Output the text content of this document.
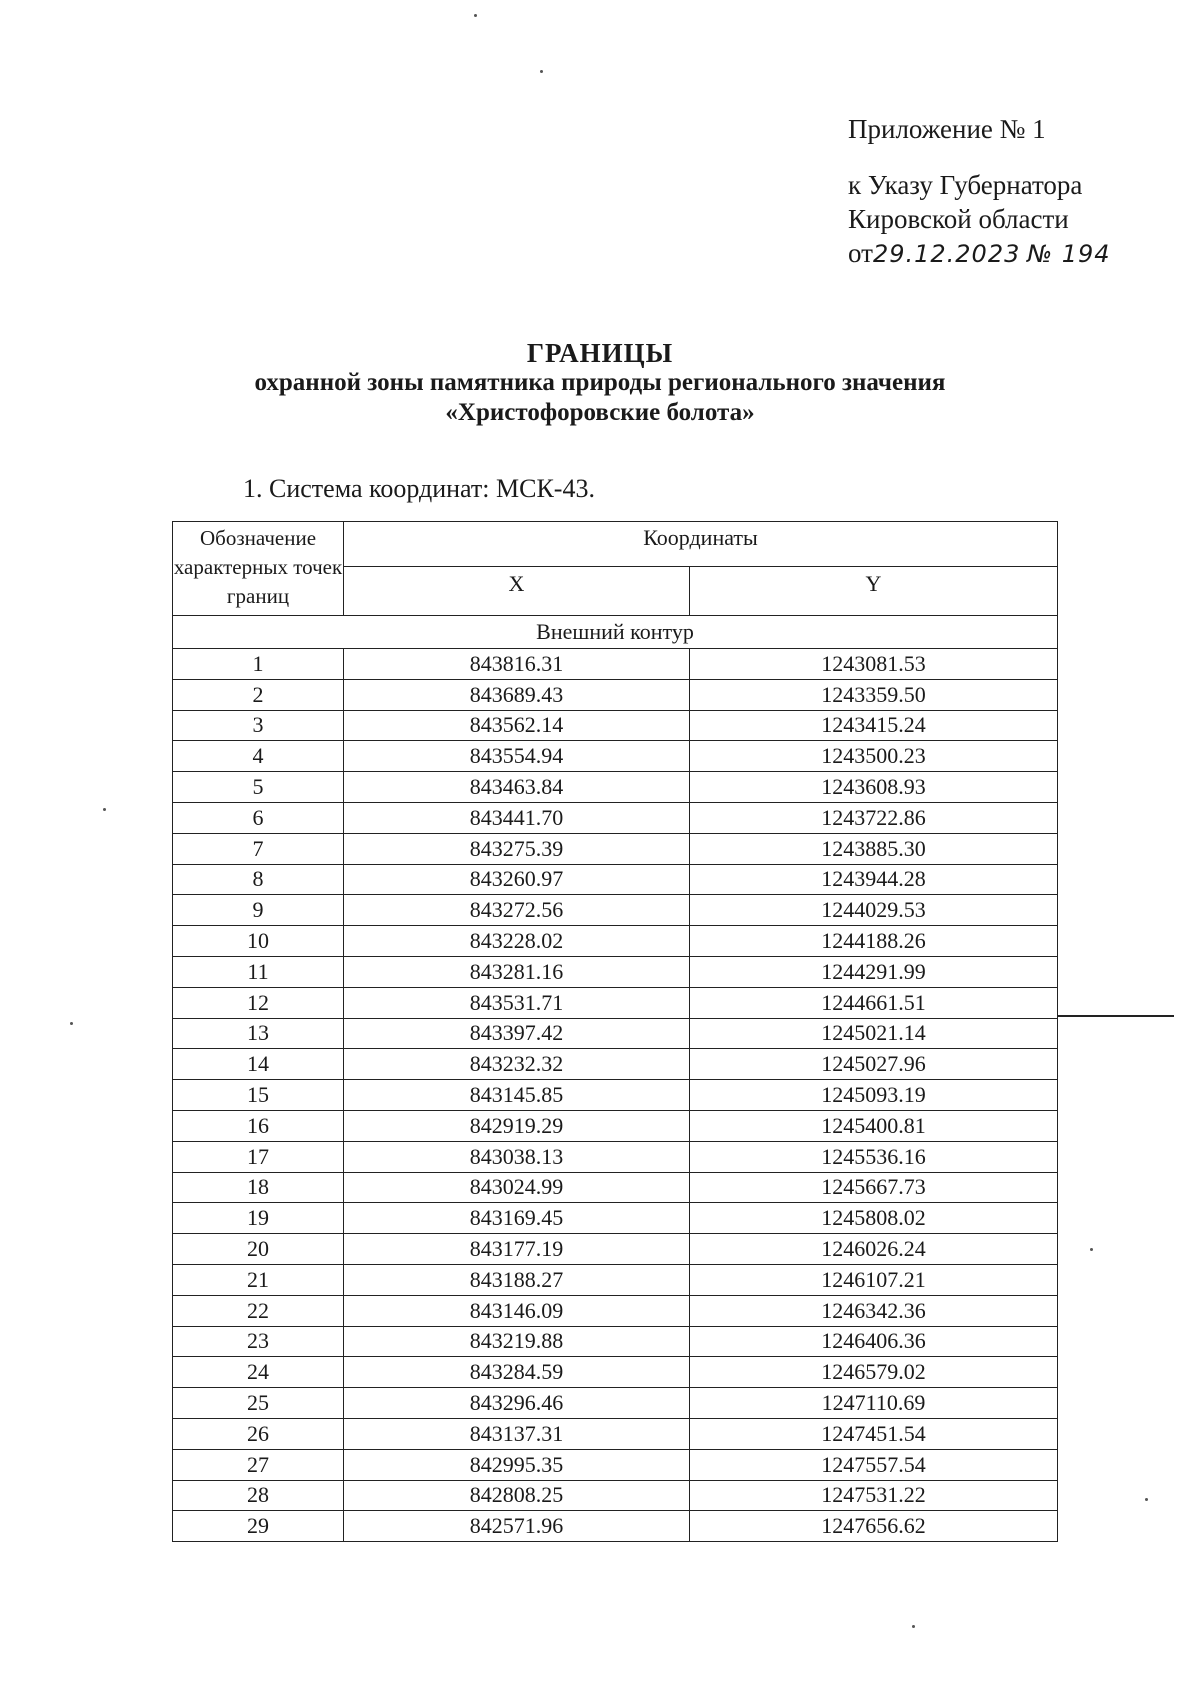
Приложение № 1
к Указу Губернатора
Кировской области
от29.12.2023 № 194
ГРАНИЦЫ
охранной зоны памятника природы регионального значения
«Христофоровские болота»
1. Система координат: МСК-43.
Обозначение характерных точек границ	Координаты	
	X	Y
Внешний контур		
1	843816.31	1243081.53
2	843689.43	1243359.50
3	843562.14	1243415.24
4	843554.94	1243500.23
5	843463.84	1243608.93
6	843441.70	1243722.86
7	843275.39	1243885.30
8	843260.97	1243944.28
9	843272.56	1244029.53
10	843228.02	1244188.26
11	843281.16	1244291.99
12	843531.71	1244661.51
13	843397.42	1245021.14
14	843232.32	1245027.96
15	843145.85	1245093.19
16	842919.29	1245400.81
17	843038.13	1245536.16
18	843024.99	1245667.73
19	843169.45	1245808.02
20	843177.19	1246026.24
21	843188.27	1246107.21
22	843146.09	1246342.36
23	843219.88	1246406.36
24	843284.59	1246579.02
25	843296.46	1247110.69
26	843137.31	1247451.54
27	842995.35	1247557.54
28	842808.25	1247531.22
29	842571.96	1247656.62
